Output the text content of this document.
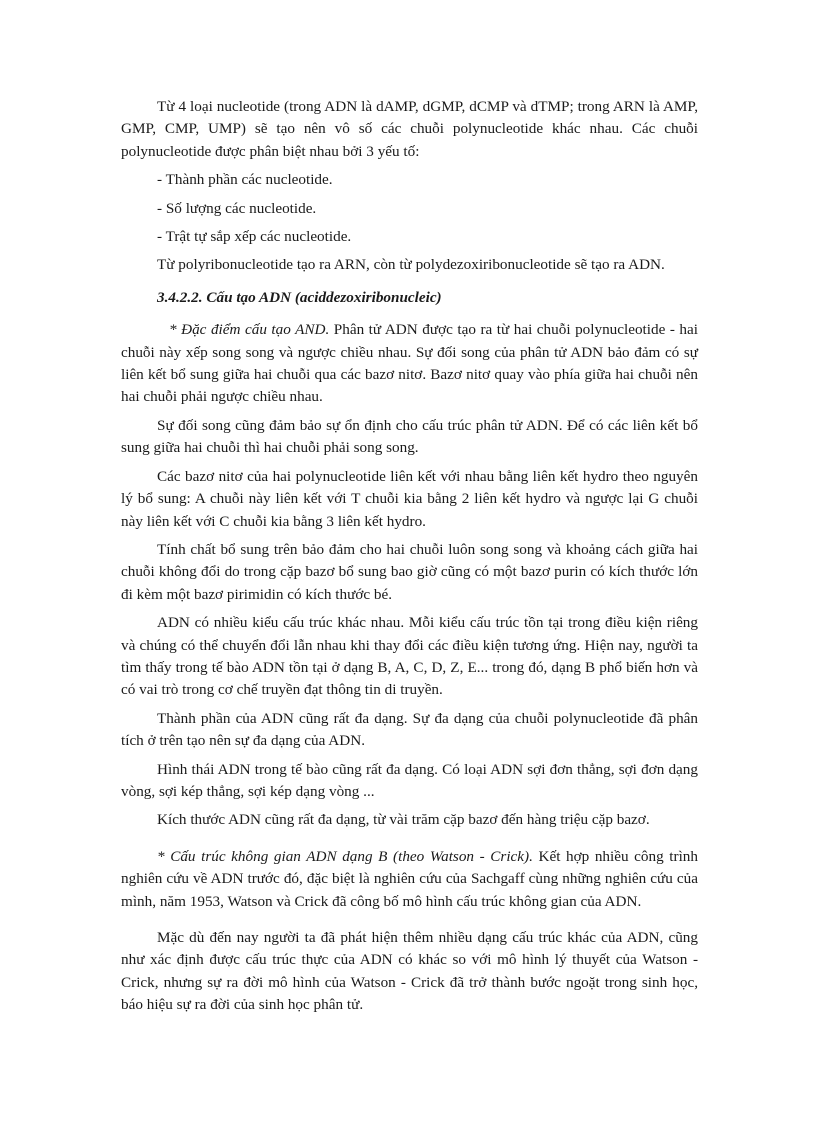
Từ 4 loại nucleotide (trong ADN là dAMP, dGMP, dCMP và dTMP; trong ARN là AMP, GMP, CMP, UMP) sẽ tạo nên vô số các chuỗi polynucleotide khác nhau. Các chuỗi polynucleotide được phân biệt nhau bởi 3 yếu tố:

- Thành phần các nucleotide.

- Số lượng các nucleotide.

- Trật tự sắp xếp các nucleotide.

Từ polyribonucleotide tạo ra ARN, còn từ polydezoxiribonucleotide sẽ tạo ra ADN.

3.4.2.2. Cấu tạo ADN (aciddezoxiribonucleic)

* Đặc điểm cấu tạo AND. Phân tử ADN được tạo ra từ hai chuỗi polynucleotide - hai chuỗi này xếp song song và ngược chiều nhau. Sự đối song của phân tử ADN bảo đảm có sự liên kết bổ sung giữa hai chuỗi qua các bazơ nitơ. Bazơ nitơ quay vào phía giữa hai chuỗi nên hai chuỗi phải ngược chiều nhau.

Sự đối song cũng đảm bảo sự ổn định cho cấu trúc phân tử ADN. Để có các liên kết bổ sung giữa hai chuỗi thì hai chuỗi phải song song.

Các bazơ nitơ của hai polynucleotide liên kết với nhau bằng liên kết hydro theo nguyên lý bổ sung: A chuỗi này liên kết với T chuỗi kia bằng 2 liên kết hydro và ngược lại G chuỗi này liên kết với C chuỗi kia bằng 3 liên kết hydro.

Tính chất bổ sung trên bảo đảm cho hai chuỗi luôn song song và khoảng cách giữa hai chuỗi không đổi do trong cặp bazơ bổ sung bao giờ cũng có một bazơ purin có kích thước lớn đi kèm một bazơ pirimidin có kích thước bé.

ADN có nhiều kiểu cấu trúc khác nhau. Mỗi kiểu cấu trúc tồn tại trong điều kiện riêng và chúng có thể chuyển đổi lẫn nhau khi thay đổi các điều kiện tương ứng. Hiện nay, người ta tìm thấy trong tế bào ADN tồn tại ở dạng B, A, C, D, Z, E... trong đó, dạng B phổ biến hơn và có vai trò trong cơ chế truyền đạt thông tin di truyền.

Thành phần của ADN cũng rất đa dạng. Sự đa dạng của chuỗi polynucleotide đã phân tích ở trên tạo nên sự đa dạng của ADN.

Hình thái ADN trong tế bào cũng rất đa dạng. Có loại ADN sợi đơn thẳng, sợi đơn dạng vòng, sợi kép thẳng, sợi kép dạng vòng ...

Kích thước ADN cũng rất đa dạng, từ vài trăm cặp bazơ đến hàng triệu cặp bazơ.

* Cấu trúc không gian ADN dạng B (theo Watson - Crick). Kết hợp nhiều công trình nghiên cứu về ADN trước đó, đặc biệt là nghiên cứu của Sachgaff cùng những nghiên cứu của mình, năm 1953, Watson và Crick đã công bố mô hình cấu trúc không gian của ADN.

Mặc dù đến nay người ta đã phát hiện thêm nhiều dạng cấu trúc khác của ADN, cũng như xác định được cấu trúc thực của ADN có khác so với mô hình lý thuyết của Watson - Crick, nhưng sự ra đời mô hình của Watson - Crick đã trở thành bước ngoặt trong sinh học, báo hiệu sự ra đời của sinh học phân tử.
